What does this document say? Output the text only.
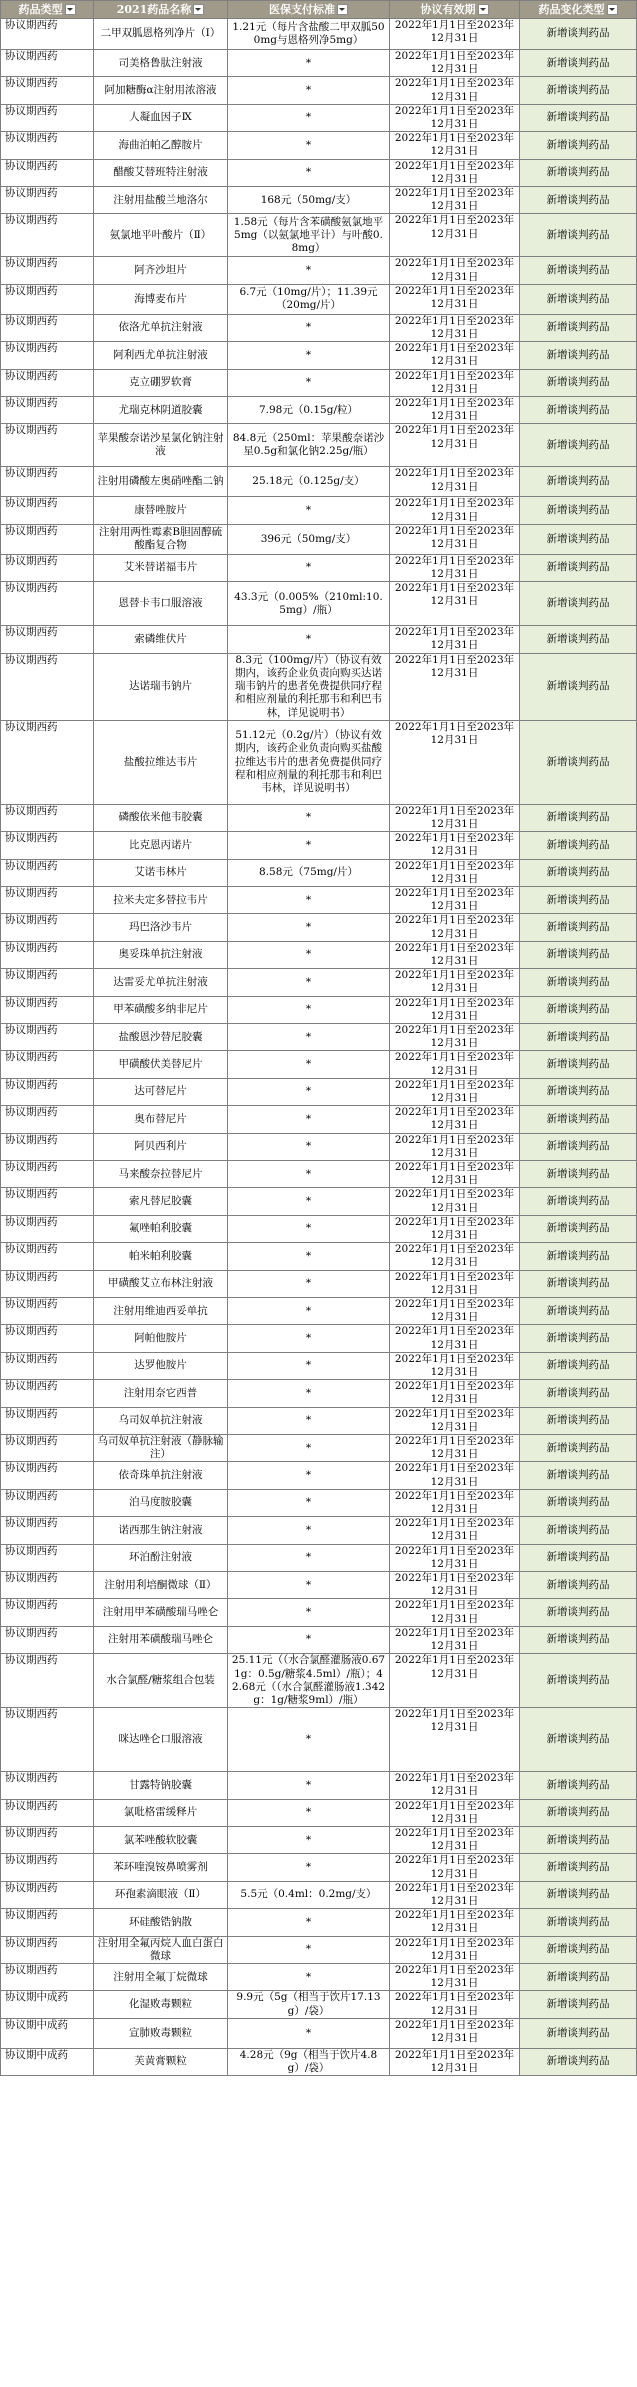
药品类型	2021药品名称	医保支付标准	协议有效期	药品变化类型
协议期西药	二甲双胍恩格列净片（Ⅰ）	1.21元（每片含盐酸二甲双胍500mg与恩格列净5mg）	2022年1月1日至2023年12月31日	新增谈判药品
协议期西药	司美格鲁肽注射液	*	2022年1月1日至2023年12月31日	新增谈判药品
协议期西药	阿加糖酶α注射用浓溶液	*	2022年1月1日至2023年12月31日	新增谈判药品
协议期西药	人凝血因子Ⅸ	*	2022年1月1日至2023年12月31日	新增谈判药品
协议期西药	海曲泊帕乙醇胺片	*	2022年1月1日至2023年12月31日	新增谈判药品
协议期西药	醋酸艾替班特注射液	*	2022年1月1日至2023年12月31日	新增谈判药品
协议期西药	注射用盐酸兰地洛尔	168元（50mg/支）	2022年1月1日至2023年12月31日	新增谈判药品
协议期西药	氨氯地平叶酸片（Ⅱ）	1.58元（每片含苯磺酸氨氯地平5mg（以氨氯地平计）与叶酸0.8mg）	2022年1月1日至2023年12月31日	新增谈判药品
协议期西药	阿齐沙坦片	*	2022年1月1日至2023年12月31日	新增谈判药品
协议期西药	海博麦布片	6.7元（10mg/片）；11.39元（20mg/片）	2022年1月1日至2023年12月31日	新增谈判药品
协议期西药	依洛尤单抗注射液	*	2022年1月1日至2023年12月31日	新增谈判药品
协议期西药	阿利西尤单抗注射液	*	2022年1月1日至2023年12月31日	新增谈判药品
协议期西药	克立硼罗软膏	*	2022年1月1日至2023年12月31日	新增谈判药品
协议期西药	尤瑞克林阴道胶囊	7.98元（0.15g/粒）	2022年1月1日至2023年12月31日	新增谈判药品
协议期西药	苹果酸奈诺沙星氯化钠注射液	84.8元（250ml：苹果酸奈诺沙星0.5g和氯化钠2.25g/瓶）	2022年1月1日至2023年12月31日	新增谈判药品
协议期西药	注射用磷酸左奥硝唑酯二钠	25.18元（0.125g/支）	2022年1月1日至2023年12月31日	新增谈判药品
协议期西药	康替唑胺片	*	2022年1月1日至2023年12月31日	新增谈判药品
协议期西药	注射用两性霉素B胆固醇硫酸酯复合物	396元（50mg/支）	2022年1月1日至2023年12月31日	新增谈判药品
协议期西药	艾米替诺福韦片	*	2022年1月1日至2023年12月31日	新增谈判药品
协议期西药	恩替卡韦口服溶液	43.3元（0.005%（210ml:10.5mg）/瓶）	2022年1月1日至2023年12月31日	新增谈判药品
协议期西药	索磷维伏片	*	2022年1月1日至2023年12月31日	新增谈判药品
协议期西药	达诺瑞韦钠片	8.3元（100mg/片）（协议有效期内，该药企业负责向购买达诺瑞韦钠片的患者免费提供同疗程和相应剂量的利托那韦和利巴韦林，详见说明书）	2022年1月1日至2023年12月31日	新增谈判药品
协议期西药	盐酸拉维达韦片	51.12元（0.2g/片）（协议有效期内，该药企业负责向购买盐酸拉维达韦片的患者免费提供同疗程和相应剂量的利托那韦和利巴韦林，详见说明书）	2022年1月1日至2023年12月31日	新增谈判药品
协议期西药	磷酸依米他韦胶囊	*	2022年1月1日至2023年12月31日	新增谈判药品
协议期西药	比克恩丙诺片	*	2022年1月1日至2023年12月31日	新增谈判药品
协议期西药	艾诺韦林片	8.58元（75mg/片）	2022年1月1日至2023年12月31日	新增谈判药品
协议期西药	拉米夫定多替拉韦片	*	2022年1月1日至2023年12月31日	新增谈判药品
协议期西药	玛巴洛沙韦片	*	2022年1月1日至2023年12月31日	新增谈判药品
协议期西药	奥妥珠单抗注射液	*	2022年1月1日至2023年12月31日	新增谈判药品
协议期西药	达雷妥尤单抗注射液	*	2022年1月1日至2023年12月31日	新增谈判药品
协议期西药	甲苯磺酸多纳非尼片	*	2022年1月1日至2023年12月31日	新增谈判药品
协议期西药	盐酸恩沙替尼胶囊	*	2022年1月1日至2023年12月31日	新增谈判药品
协议期西药	甲磺酸伏美替尼片	*	2022年1月1日至2023年12月31日	新增谈判药品
协议期西药	达可替尼片	*	2022年1月1日至2023年12月31日	新增谈判药品
协议期西药	奥布替尼片	*	2022年1月1日至2023年12月31日	新增谈判药品
协议期西药	阿贝西利片	*	2022年1月1日至2023年12月31日	新增谈判药品
协议期西药	马来酸奈拉替尼片	*	2022年1月1日至2023年12月31日	新增谈判药品
协议期西药	索凡替尼胶囊	*	2022年1月1日至2023年12月31日	新增谈判药品
协议期西药	氟唑帕利胶囊	*	2022年1月1日至2023年12月31日	新增谈判药品
协议期西药	帕米帕利胶囊	*	2022年1月1日至2023年12月31日	新增谈判药品
协议期西药	甲磺酸艾立布林注射液	*	2022年1月1日至2023年12月31日	新增谈判药品
协议期西药	注射用维迪西妥单抗	*	2022年1月1日至2023年12月31日	新增谈判药品
协议期西药	阿帕他胺片	*	2022年1月1日至2023年12月31日	新增谈判药品
协议期西药	达罗他胺片	*	2022年1月1日至2023年12月31日	新增谈判药品
协议期西药	注射用奈它西普	*	2022年1月1日至2023年12月31日	新增谈判药品
协议期西药	乌司奴单抗注射液	*	2022年1月1日至2023年12月31日	新增谈判药品
协议期西药	乌司奴单抗注射液（静脉输注）	*	2022年1月1日至2023年12月31日	新增谈判药品
协议期西药	依奇珠单抗注射液	*	2022年1月1日至2023年12月31日	新增谈判药品
协议期西药	泊马度胺胶囊	*	2022年1月1日至2023年12月31日	新增谈判药品
协议期西药	诺西那生钠注射液	*	2022年1月1日至2023年12月31日	新增谈判药品
协议期西药	环泊酚注射液	*	2022年1月1日至2023年12月31日	新增谈判药品
协议期西药	注射用利培酮微球（Ⅱ）	*	2022年1月1日至2023年12月31日	新增谈判药品
协议期西药	注射用甲苯磺酸瑞马唑仑	*	2022年1月1日至2023年12月31日	新增谈判药品
协议期西药	注射用苯磺酸瑞马唑仑	*	2022年1月1日至2023年12月31日	新增谈判药品
协议期西药	水合氯醛/糖浆组合包装	25.11元（（水合氯醛灌肠液0.671g：0.5g/糖浆4.5ml）/瓶）；42.68元（（水合氯醛灌肠液1.342g：1g/糖浆9ml）/瓶）	2022年1月1日至2023年12月31日	新增谈判药品
协议期西药	咪达唑仑口服溶液	*	2022年1月1日至2023年12月31日	新增谈判药品
协议期西药	甘露特钠胶囊	*	2022年1月1日至2023年12月31日	新增谈判药品
协议期西药	氯吡格雷缓释片	*	2022年1月1日至2023年12月31日	新增谈判药品
协议期西药	氯苯唑酸软胶囊	*	2022年1月1日至2023年12月31日	新增谈判药品
协议期西药	苯环喹溴铵鼻喷雾剂	*	2022年1月1日至2023年12月31日	新增谈判药品
协议期西药	环孢素滴眼液（Ⅱ）	5.5元（0.4ml：0.2mg/支）	2022年1月1日至2023年12月31日	新增谈判药品
协议期西药	环硅酸锆钠散	*	2022年1月1日至2023年12月31日	新增谈判药品
协议期西药	注射用全氟丙烷人血白蛋白微球	*	2022年1月1日至2023年12月31日	新增谈判药品
协议期西药	注射用全氟丁烷微球	*	2022年1月1日至2023年12月31日	新增谈判药品
协议期中成药	化湿败毒颗粒	9.9元（5g（相当于饮片17.13g）/袋）	2022年1月1日至2023年12月31日	新增谈判药品
协议期中成药	宣肺败毒颗粒	*	2022年1月1日至2023年12月31日	新增谈判药品
协议期中成药	芙黄膏颗粒	4.28元（9g（相当于饮片4.8g）/袋）	2022年1月1日至2023年12月31日	新增谈判药品
